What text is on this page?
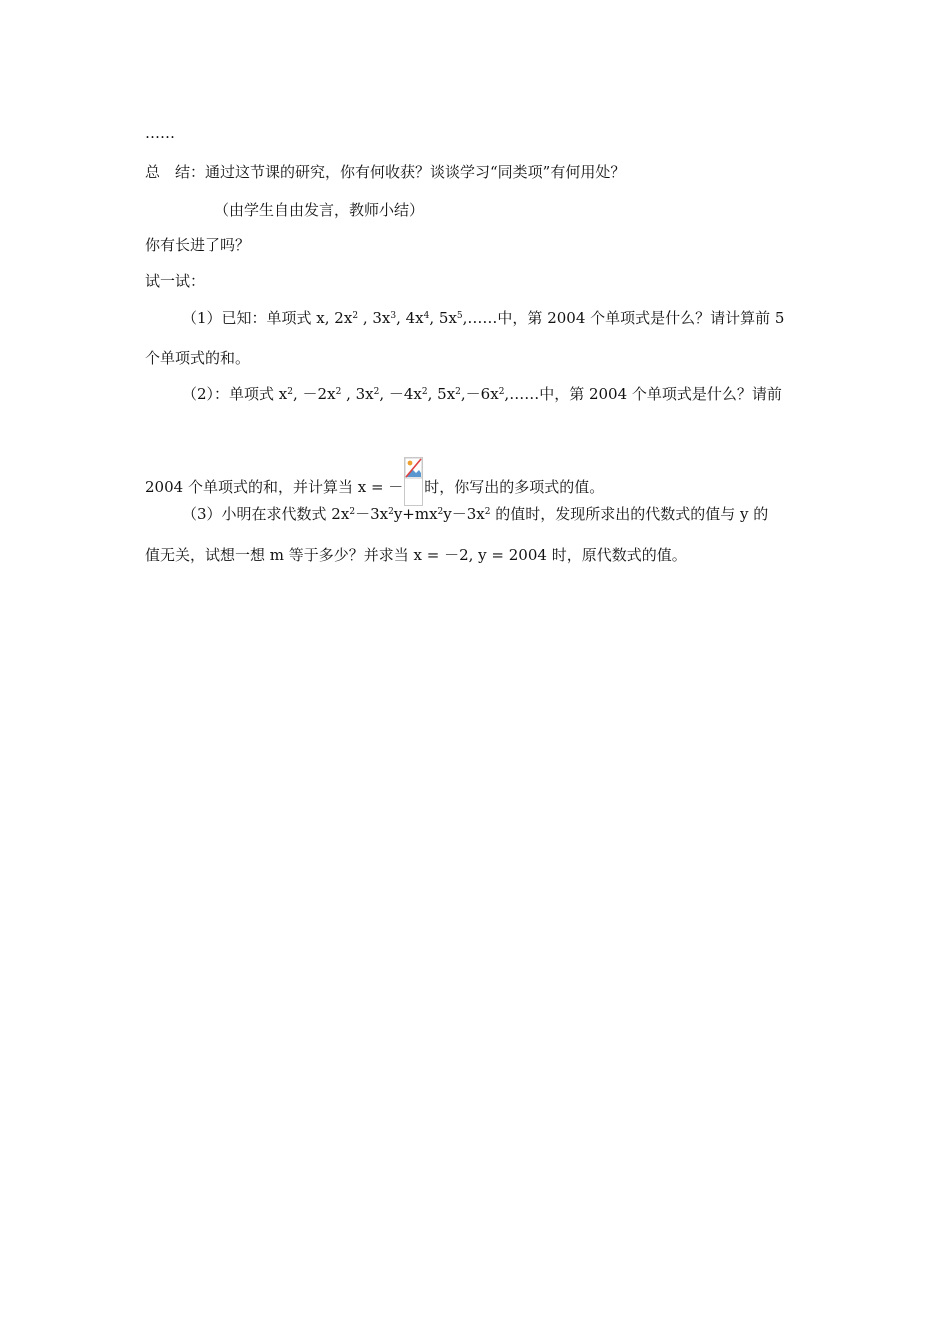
……
总　结：通过这节课的研究，你有何收获？谈谈学习“同类项”有何用处？
（由学生自由发言，教师小结）
你有长进了吗？
试一试：
（1）已知：单项式 x, $2x^2$ , $3x^3$, $4x^4$, $5x^5,\dots\dots$中，第 2004 个单项式是什么？请计算前 5
个单项式的和。
（2）：单项式 $x^2$, $-2x^2$ , $3x^2$, $-4x^2$, $5x^2,-6x^2,\dots\dots$中，第 2004 个单项式是什么？请前
2004 个单项式的和，并计算当 x = － 时，你写出的多项式的值。
（3）小明在求代数式 $2x^2-3x^2y+mx^2y-3x^2$ 的值时，发现所求出的代数式的值与 y 的
值无关，试想一想 m 等于多少？并求当 x = －2, y = 2004 时，原代数式的值。
